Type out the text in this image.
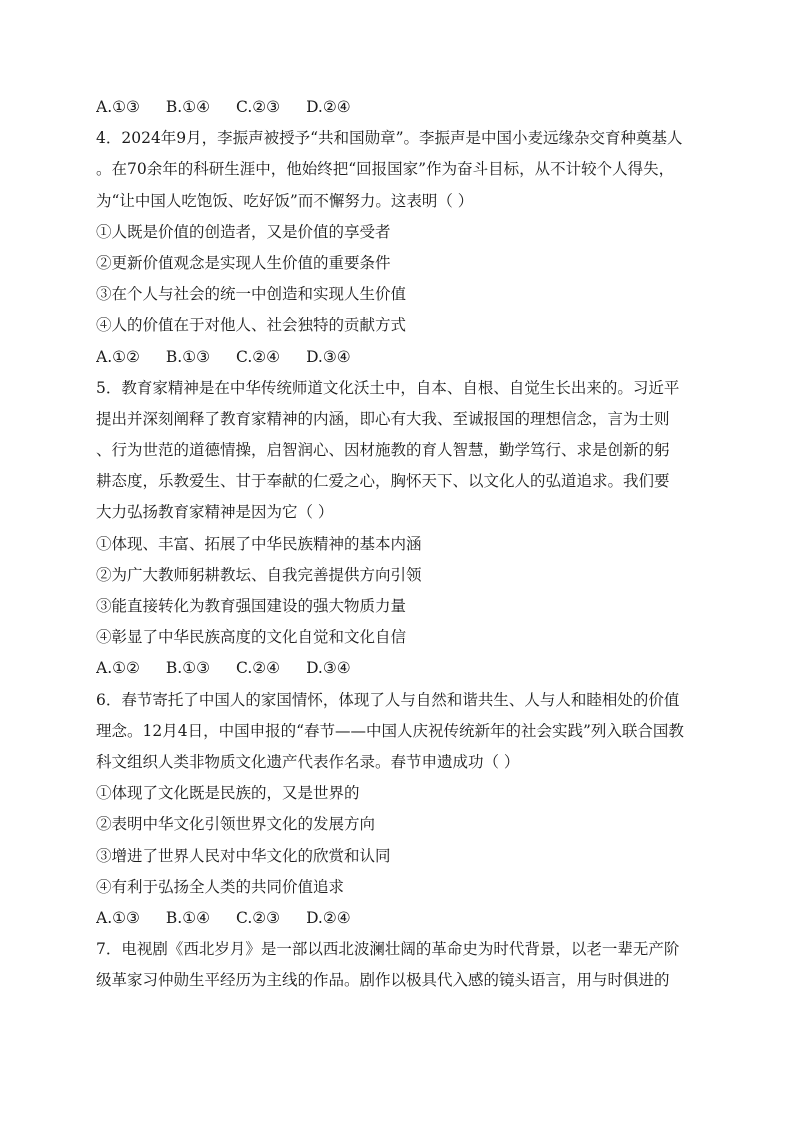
A.①③ B.①④ C.②③ D.②④
4．2024年9月，李振声被授予“共和国勋章”。李振声是中国小麦远缘杂交育种奠基人
。在70余年的科研生涯中，他始终把“回报国家”作为奋斗目标，从不计较个人得失，
为“让中国人吃饱饭、吃好饭”而不懈努力。这表明（ ）
①人既是价值的创造者，又是价值的享受者
②更新价值观念是实现人生价值的重要条件
③在个人与社会的统一中创造和实现人生价值
④人的价值在于对他人、社会独特的贡献方式
A.①② B.①③ C.②④ D.③④
5．教育家精神是在中华传统师道文化沃土中，自本、自根、自觉生长出来的。习近平
提出并深刻阐释了教育家精神的内涵，即心有大我、至诚报国的理想信念，言为士则
、行为世范的道德情操，启智润心、因材施教的育人智慧，勤学笃行、求是创新的躬
耕态度，乐教爱生、甘于奉献的仁爱之心，胸怀天下、以文化人的弘道追求。我们要
大力弘扬教育家精神是因为它（ ）
①体现、丰富、拓展了中华民族精神的基本内涵
②为广大教师躬耕教坛、自我完善提供方向引领
③能直接转化为教育强国建设的强大物质力量
④彰显了中华民族高度的文化自觉和文化自信
A.①② B.①③ C.②④ D.③④
6．春节寄托了中国人的家国情怀，体现了人与自然和谐共生、人与人和睦相处的价值
理念。12月4日，中国申报的“春节——中国人庆祝传统新年的社会实践”列入联合国教
科文组织人类非物质文化遗产代表作名录。春节申遗成功（ ）
①体现了文化既是民族的，又是世界的
②表明中华文化引领世界文化的发展方向
③增进了世界人民对中华文化的欣赏和认同
④有利于弘扬全人类的共同价值追求
A.①③ B.①④ C.②③ D.②④
7．电视剧《西北岁月》是一部以西北波澜壮阔的革命史为时代背景，以老一辈无产阶
级革家习仲勋生平经历为主线的作品。剧作以极具代入感的镜头语言，用与时俱进的
